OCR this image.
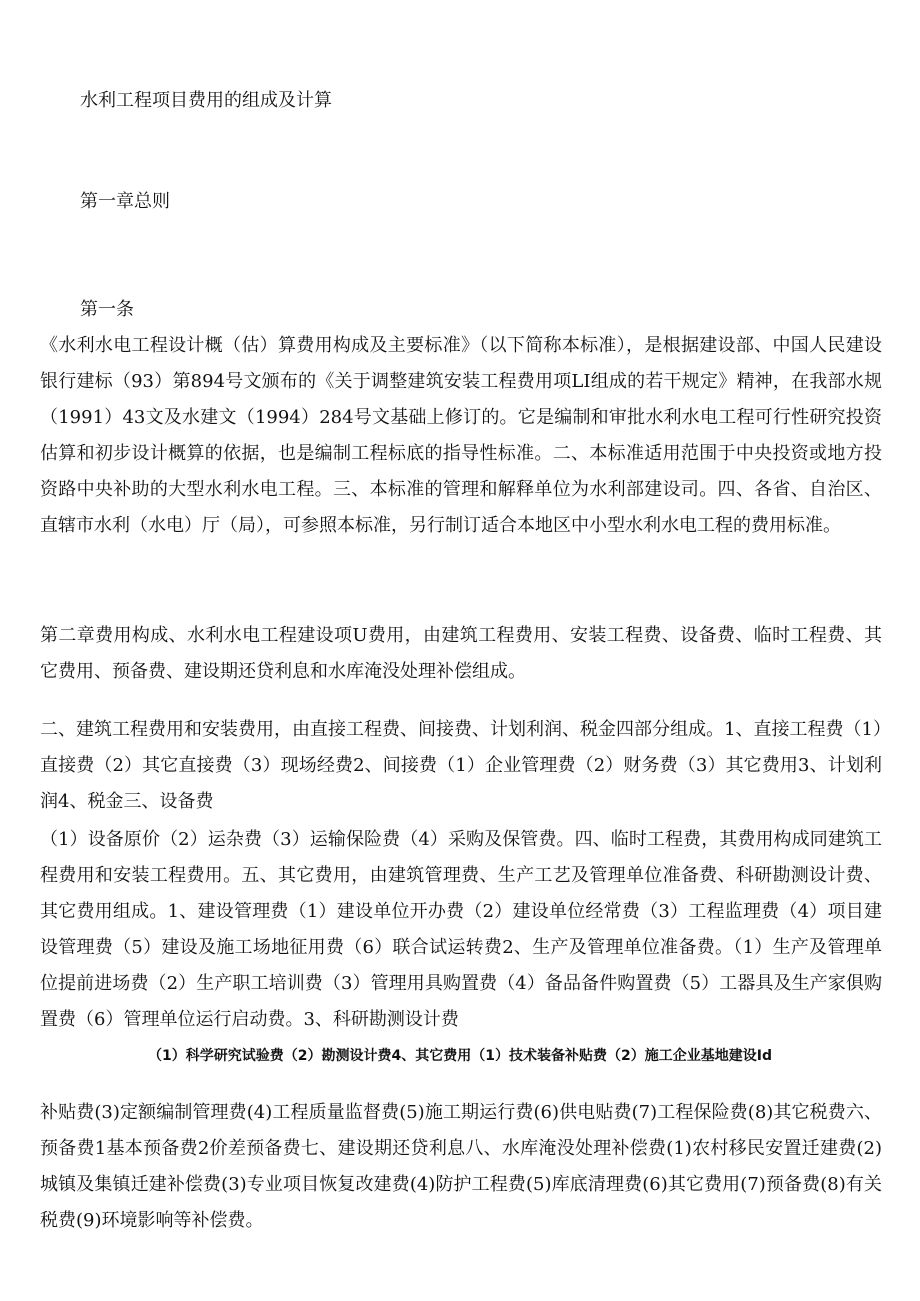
水利工程项目费用的组成及计算
第一章总则
第一条

《水利水电工程设计概（估）算费用构成及主要标准》（以下简称本标准），是根据建设部、中国人民建设银行建标（93）第894号文颁布的《关于调整建筑安装工程费用项LI组成的若干规定》精神，在我部水规（1991）43文及水建文（1994）284号文基础上修订的。它是编制和审批水利水电工程可行性研究投资估算和初步设计概算的依据，也是编制工程标底的指导性标准。二、本标准适用范围于中央投资或地方投资路中央补助的大型水利水电工程。三、本标准的管理和解释单位为水利部建设司。四、各省、自治区、直辖市水利（水电）厅（局），可参照本标准，另行制订适合本地区中小型水利水电工程的费用标准。

第二章费用构成、水利水电工程建设项U费用，由建筑工程费用、安装工程费、设备费、临时工程费、其它费用、预备费、建设期还贷利息和水库淹没处理补偿组成。

二、建筑工程费用和安装费用，由直接工程费、间接费、计划利润、税金四部分组成。1、直接工程费（1）直接费（2）其它直接费（3）现场经费2、间接费（1）企业管理费（2）财务费（3）其它费用3、计划利润4、税金三、设备费

（1）设备原价（2）运杂费（3）运输保险费（4）采购及保管费。四、临时工程费，其费用构成同建筑工程费用和安装工程费用。五、其它费用，由建筑管理费、生产工艺及管理单位准备费、科研勘测设计费、其它费用组成。1、建设管理费（1）建设单位开办费（2）建设单位经常费（3）工程监理费（4）项目建设管理费（5）建设及施工场地征用费（6）联合试运转费2、生产及管理单位准备费。（1）生产及管理单位提前进场费（2）生产职工培训费（3）管理用具购置费（4）备品备件购置费（5）工器具及生产家俱购置费（6）管理单位运行启动费。3、科研勘测设计费

（1）科学研究试验费（2）勘测设计费4、其它费用（1）技术装备补贴费（2）施工企业基地建设Id

补贴费(3)定额编制管理费(4)工程质量监督费(5)施工期运行费(6)供电贴费(7)工程保险费(8)其它税费六、预备费1基本预备费2价差预备费七、建设期还贷利息八、水库淹没处理补偿费(1)农村移民安置迁建费(2)城镇及集镇迁建补偿费(3)专业项目恢复改建费(4)防护工程费(5)库底清理费(6)其它费用(7)预备费(8)有关税费(9)环境影响等补偿费。
